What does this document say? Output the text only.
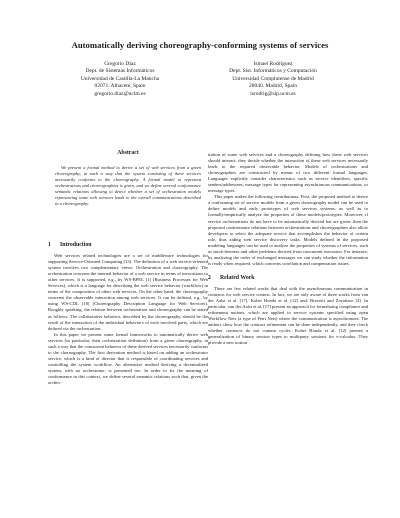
Automatically deriving choreography-conforming systems of services
Gregorio Díaz
Dept. de Sistemas Informáticos
Universidad de Castilla-La Mancha
02071. Albacete, Spain
gregorio.diaz@uclm.es
Ismael Rodríguez
Dept. Sist. Informáticos y Computación
Universidad Complutense de Madrid
28040. Madrid, Spain
isrodrig@sip.ucm.es
Abstract

We present a formal method to derive a set of web services from a given choreography, in such a way that the system consisting of these services necessarily conforms to the choreography. A formal model to represent orchestrations and choreographies is given, and we define several conformance semantic relations allowing to detect whether a set of orchestration models representing some web services leads to the overall communications described in a choreography.

1 Introduction

Web services related technologies are a set of middleware technologies for supporting Service-Oriented Computing [13]. The definition of a web service-oriented system involves two complementary views: Orchestration and choreography. The orchestration concerns the internal behavior of a web service in terms of invocations to other services. It is supported, e.g., by WS-BPEL [1] (Business Processes for Web Services), which is a language for describing the web service behavior (workflow) in terms of the composition of other web services. On the other hand, the choreography concerns the observable interaction among web services. It can be defined, e.g., by using WS-CDL [18] (Choreography Description Language for Web Services). Roughly speaking, the relation between orchestration and choreography can be stated as follows: The collaborative behavior, described by the choreography, should be the result of the interaction of the individual behaviors of each involved party, which are defined via the orchestration.

In this paper we present some formal frameworks to automatically derive web services (in particular, their orchestration definition) from a given choreography, in such a way that the concurrent behavior of these derived services necessarily conforms to the choreography. The first derivation method is based on adding an orchestrator service, which is a kind of director that is responsible of coordinating services and controlling the system workflow. An alternative method deriving a decentralized system, with no orchestrator, is presented too. In order to fix the meaning of conformance in this context, we define several semantic relations such that, given the orches-

tration of some web services and a choreography defining how these web services should interact, they decide whether the interaction of these web services necessarily leads to the required observable behavior. Models of orchestrations and choreographies are constructed by means of two different formal languages. Languages explicitly consider characteristics such as service identifiers, specific senders/addressees, message types for representing asynchronous communications, or message types.

This paper makes the following contributions. First, the proposed method to derive a conforming set of service models from a given choreography model can be used to define models and early prototypes of web services systems, as well as to formally/empirically analyze the properties of these models/prototypes. Moreover, if service orchestrations do not have to be automatically derived but are given, then the proposed conformance relations between orchestrations and choreographies also allow developers to select the adequate service that accomplishes the behavior of certain role, thus aiding web service discovery tasks. Models defined in the proposed modeling languages can be used to analyze the properties of systems of services, such as stuck-freeness and other problems derived from concurrent execution. For instance, by analyzing the order of exchanged messages we can study whether the information is ready when required, which concerns correlation and compensation issues.

2 Related Work

There are few related works that deal with the asynchronous communication in contracts for web service context. In fact, we are only aware of three works from van der Aalst et al. [17], Kohei Honda et al. [12] and, Bravetti and Zavattaro [4]. In particular, van der Aalst et al. [17] present an approach for formalizing compliance and refinement notions, which are applied to service systems specified using open Workflow Nets (a type of Petri Nets) where the communication is asynchronous. The authors show how the contract refinement can be done independently, and they check whether contracts do not contain cycles. Kohei Honda et al. [12] present a generalization of binary session types to multiparty sessions for π-calculus. They provide a new notion
